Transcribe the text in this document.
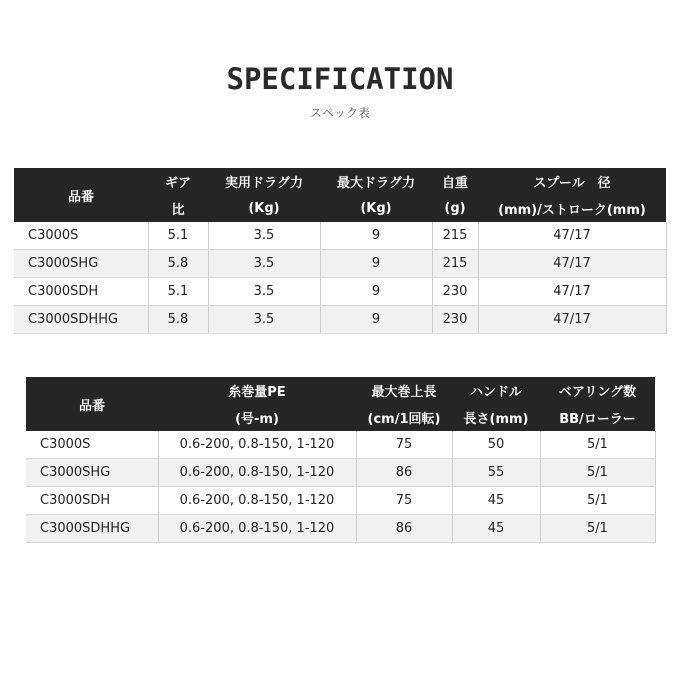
SPECIFICATION
スペック表
品番	ギア	実用ドラグ力	最大ドラグ力	自重	スプール　径
	比	(Kg)	(Kg)	(g)	(mm)/ストローク(mm)
C3000S	5.1	3.5	9	215	47/17
C3000SHG	5.8	3.5	9	215	47/17
C3000SDH	5.1	3.5	9	230	47/17
C3000SDHHG	5.8	3.5	9	230	47/17
品番	糸巻量PE	最大巻上長	ハンドル	ベアリング数
	(号-m)	(cm/1回転)	長さ(mm)	BB/ローラー
C3000S	0.6-200, 0.8-150, 1-120	75	50	5/1
C3000SHG	0.6-200, 0.8-150, 1-120	86	55	5/1
C3000SDH	0.6-200, 0.8-150, 1-120	75	45	5/1
C3000SDHHG	0.6-200, 0.8-150, 1-120	86	45	5/1
